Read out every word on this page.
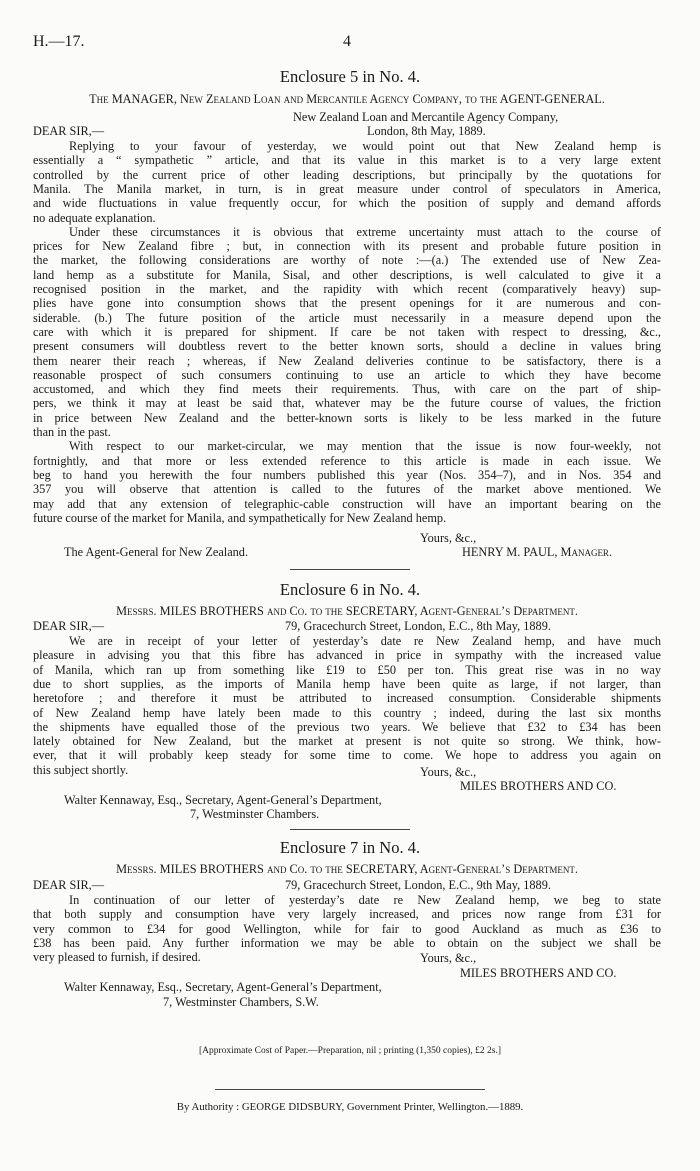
H.—17.	4
Enclosure 5 in No. 4.
The MANAGER, New Zealand Loan and Mercantile Agency Company, to the AGENT-GENERAL.
New Zealand Loan and Mercantile Agency Company,
DEAR SIR,—	London, 8th May, 1889.
Replying to your favour of yesterday, we would point out that New Zealand hemp is
essentially a “ sympathetic ” article, and that its value in this market is to a very large extent
controlled by the current price of other leading descriptions, but principally by the quotations for
Manila. The Manila market, in turn, is in great measure under control of speculators in America,
and wide fluctuations in value frequently occur, for which the position of supply and demand affords
no adequate explanation.
Under these circumstances it is obvious that extreme uncertainty must attach to the course of
prices for New Zealand fibre ; but, in connection with its present and probable future position in
the market, the following considerations are worthy of note :—(a.) The extended use of New Zea-
land hemp as a substitute for Manila, Sisal, and other descriptions, is well calculated to give it a
recognised position in the market, and the rapidity with which recent (comparatively heavy) sup-
plies have gone into consumption shows that the present openings for it are numerous and con-
siderable. (b.) The future position of the article must necessarily in a measure depend upon the
care with which it is prepared for shipment. If care be not taken with respect to dressing, &c.,
present consumers will doubtless revert to the better known sorts, should a decline in values bring
them nearer their reach ; whereas, if New Zealand deliveries continue to be satisfactory, there is a
reasonable prospect of such consumers continuing to use an article to which they have become
accustomed, and which they find meets their requirements. Thus, with care on the part of ship-
pers, we think it may at least be said that, whatever may be the future course of values, the friction
in price between New Zealand and the better-known sorts is likely to be less marked in the future
than in the past.
With respect to our market-circular, we may mention that the issue is now four-weekly, not
fortnightly, and that more or less extended reference to this article is made in each issue. We
beg to hand you herewith the four numbers published this year (Nos. 354–7), and in Nos. 354 and
357 you will observe that attention is called to the futures of the market above mentioned. We
may add that any extension of telegraphic-cable construction will have an important bearing on the
future course of the market for Manila, and sympathetically for New Zealand hemp.
Yours, &c.,
The Agent-General for New Zealand.	HENRY M. PAUL, Manager.
Enclosure 6 in No. 4.
Messrs. MILES BROTHERS and Co. to the SECRETARY, Agent-General’s Department.
DEAR SIR,—	79, Gracechurch Street, London, E.C., 8th May, 1889.
We are in receipt of your letter of yesterday’s date re New Zealand hemp, and have much
pleasure in advising you that this fibre has advanced in price in sympathy with the increased value
of Manila, which ran up from something like £19 to £50 per ton. This great rise was in no way
due to short supplies, as the imports of Manila hemp have been quite as large, if not larger, than
heretofore ; and therefore it must be attributed to increased consumption. Considerable shipments
of New Zealand hemp have lately been made to this country ; indeed, during the last six months
the shipments have equalled those of the previous two years. We believe that £32 to £34 has been
lately obtained for New Zealand, but the market at present is not quite so strong. We think, how-
ever, that it will probably keep steady for some time to come. We hope to address you again on
this subject shortly.	Yours, &c.,
MILES BROTHERS AND CO.
Walter Kennaway, Esq., Secretary, Agent-General’s Department,
7, Westminster Chambers.
Enclosure 7 in No. 4.
Messrs. MILES BROTHERS and Co. to the SECRETARY, Agent-General’s Department.
DEAR SIR,—	79, Gracechurch Street, London, E.C., 9th May, 1889.
In continuation of our letter of yesterday’s date re New Zealand hemp, we beg to state
that both supply and consumption have very largely increased, and prices now range from £31 for
very common to £34 for good Wellington, while for fair to good Auckland as much as £36 to
£38 has been paid. Any further information we may be able to obtain on the subject we shall be
very pleased to furnish, if desired.	Yours, &c.,
MILES BROTHERS AND CO.
Walter Kennaway, Esq., Secretary, Agent-General’s Department,
7, Westminster Chambers, S.W.
[Approximate Cost of Paper.—Preparation, nil ; printing (1,350 copies), £2 2s.]
By Authority : GEORGE DIDSBURY, Government Printer, Wellington.—1889.
